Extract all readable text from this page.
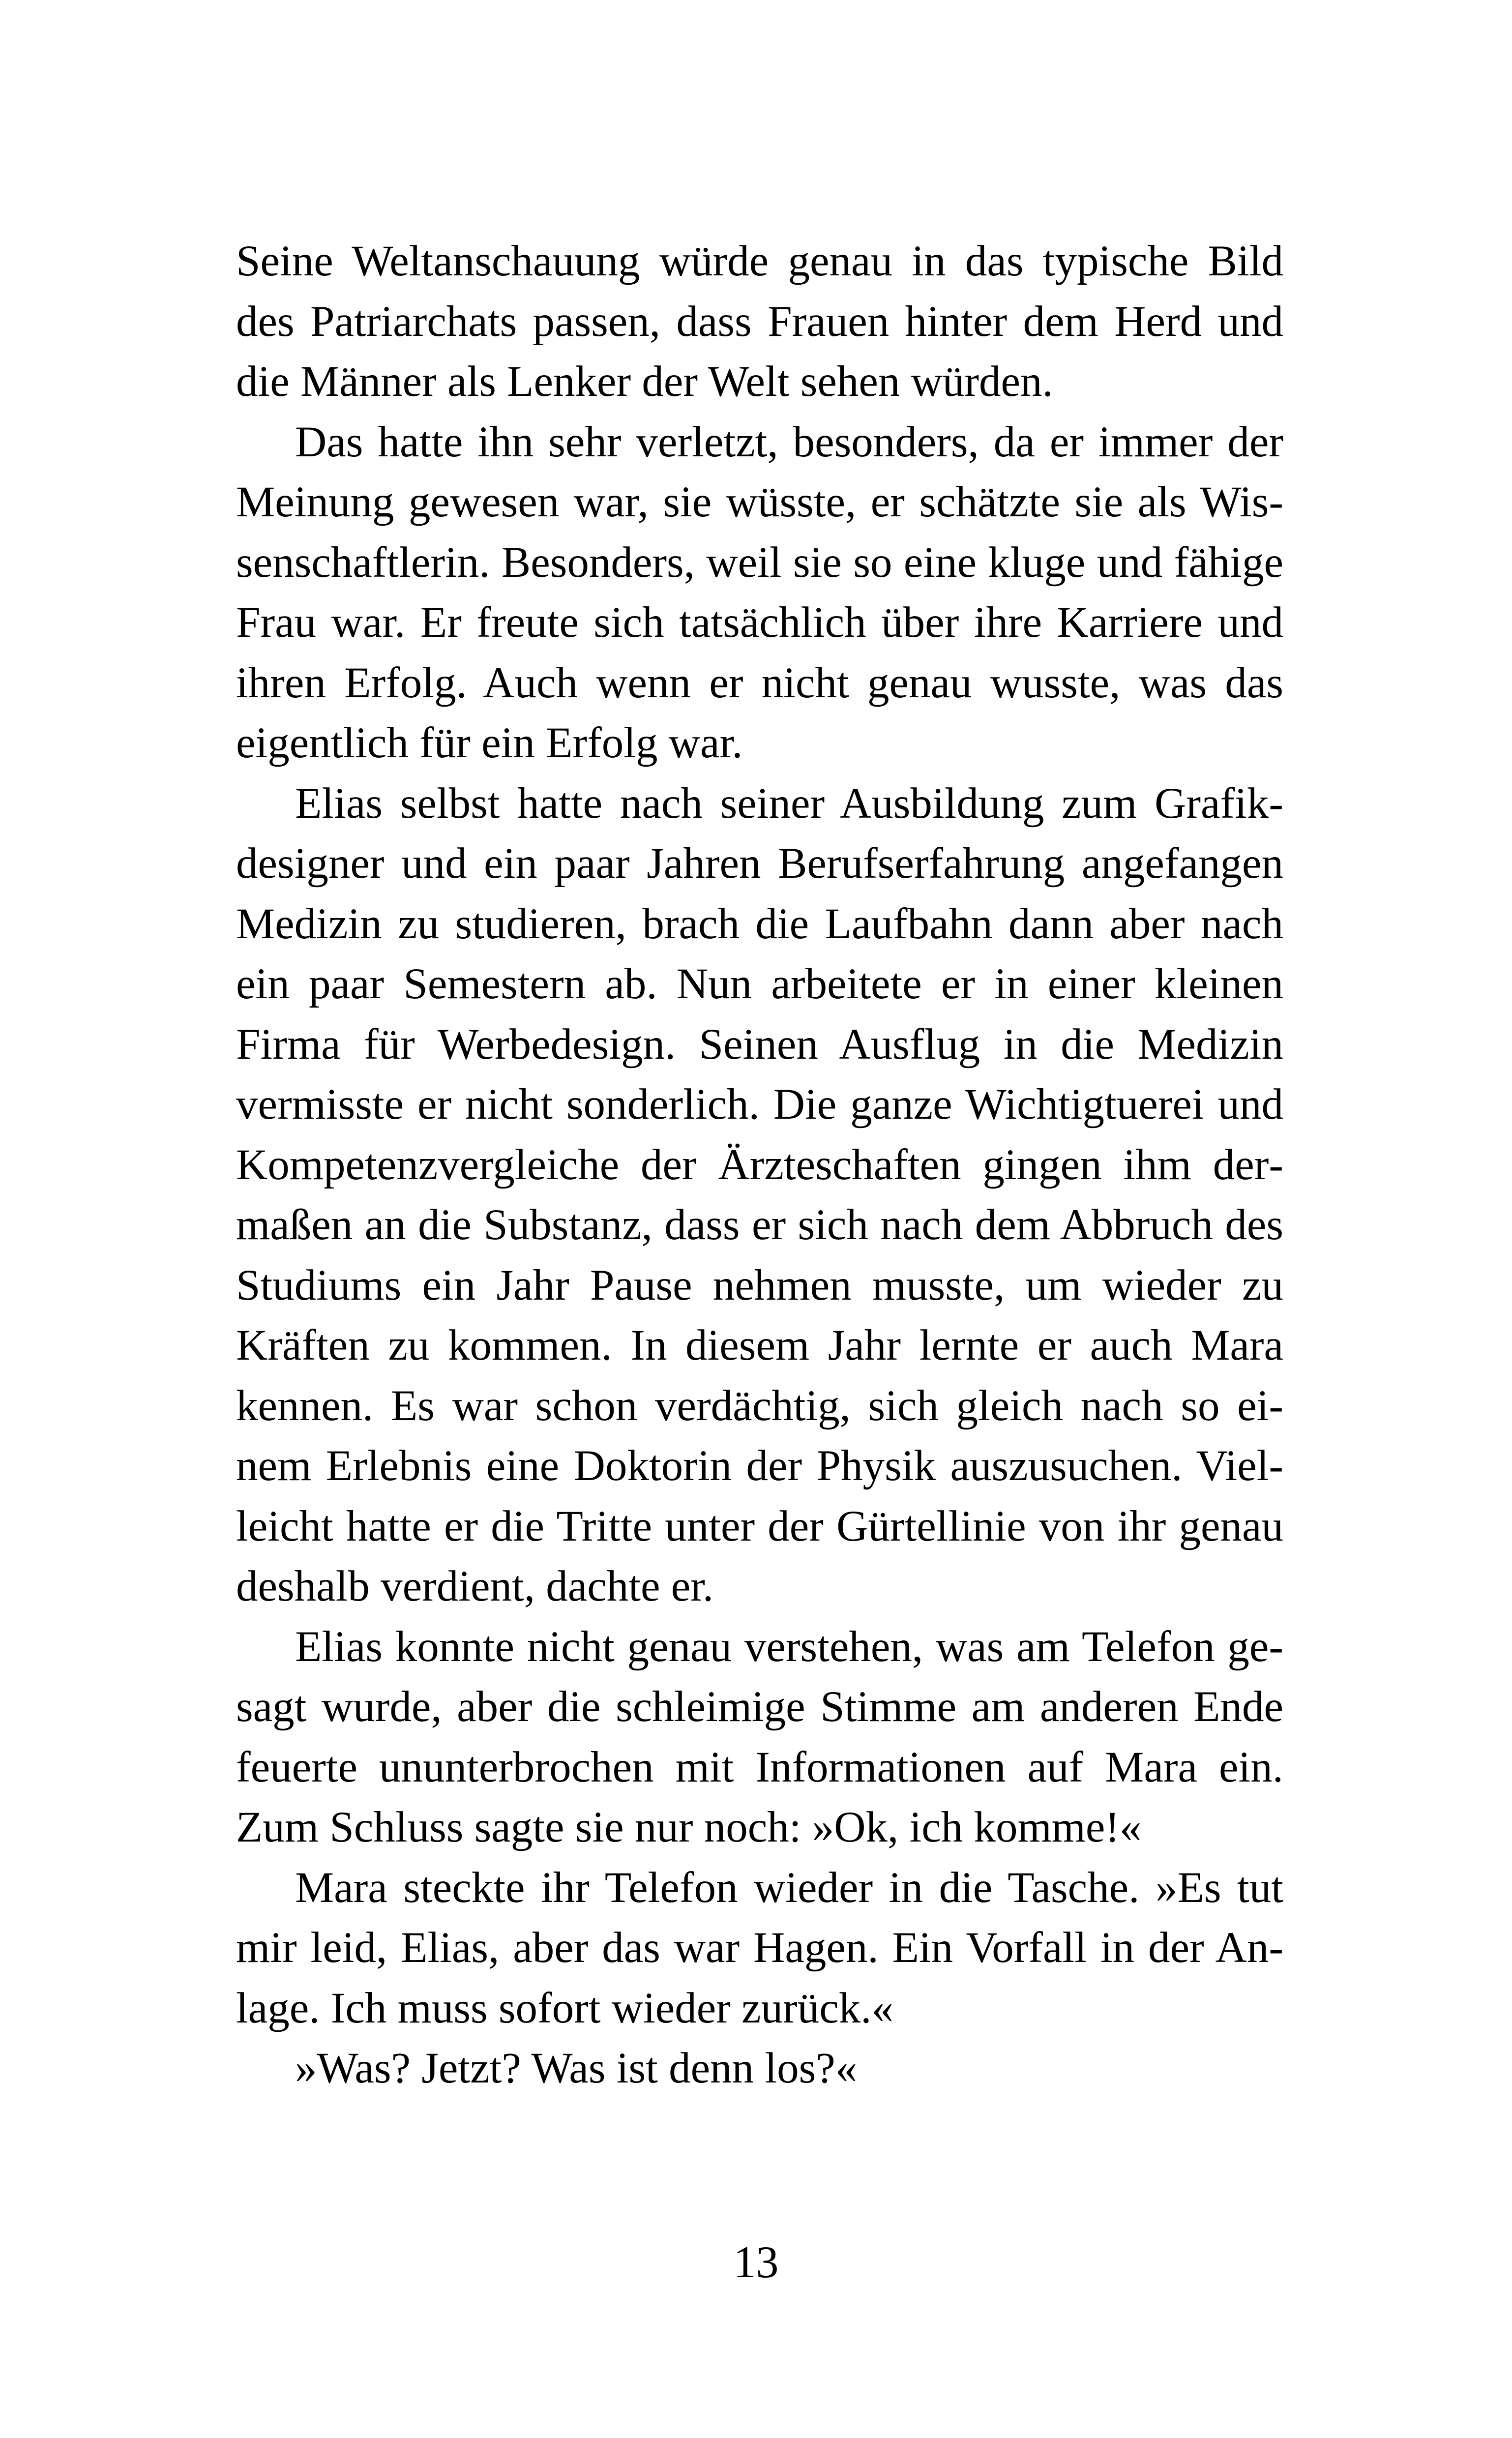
Seine Weltanschauung würde genau in das typische Bild des Patriarchats passen, dass Frauen hinter dem Herd und die Männer als Lenker der Welt sehen würden.

Das hatte ihn sehr verletzt, besonders, da er immer der Meinung gewesen war, sie wüsste, er schätzte sie als Wissenschaftlerin. Besonders, weil sie so eine kluge und fähige Frau war. Er freute sich tatsächlich über ihre Karriere und ihren Erfolg. Auch wenn er nicht genau wusste, was das eigentlich für ein Erfolg war.

Elias selbst hatte nach seiner Ausbildung zum Grafikdesigner und ein paar Jahren Berufserfahrung angefangen Medizin zu studieren, brach die Laufbahn dann aber nach ein paar Semestern ab. Nun arbeitete er in einer kleinen Firma für Werbedesign. Seinen Ausflug in die Medizin vermisste er nicht sonderlich. Die ganze Wichtigtuerei und Kompetenzvergleiche der Ärzteschaften gingen ihm dermaßen an die Substanz, dass er sich nach dem Abbruch des Studiums ein Jahr Pause nehmen musste, um wieder zu Kräften zu kommen. In diesem Jahr lernte er auch Mara kennen. Es war schon verdächtig, sich gleich nach so einem Erlebnis eine Doktorin der Physik auszusuchen. Vielleicht hatte er die Tritte unter der Gürtellinie von ihr genau deshalb verdient, dachte er.

Elias konnte nicht genau verstehen, was am Telefon gesagt wurde, aber die schleimige Stimme am anderen Ende feuerte ununterbrochen mit Informationen auf Mara ein. Zum Schluss sagte sie nur noch: »Ok, ich komme!«

Mara steckte ihr Telefon wieder in die Tasche. »Es tut mir leid, Elias, aber das war Hagen. Ein Vorfall in der Anlage. Ich muss sofort wieder zurück.«

»Was? Jetzt? Was ist denn los?«

13
